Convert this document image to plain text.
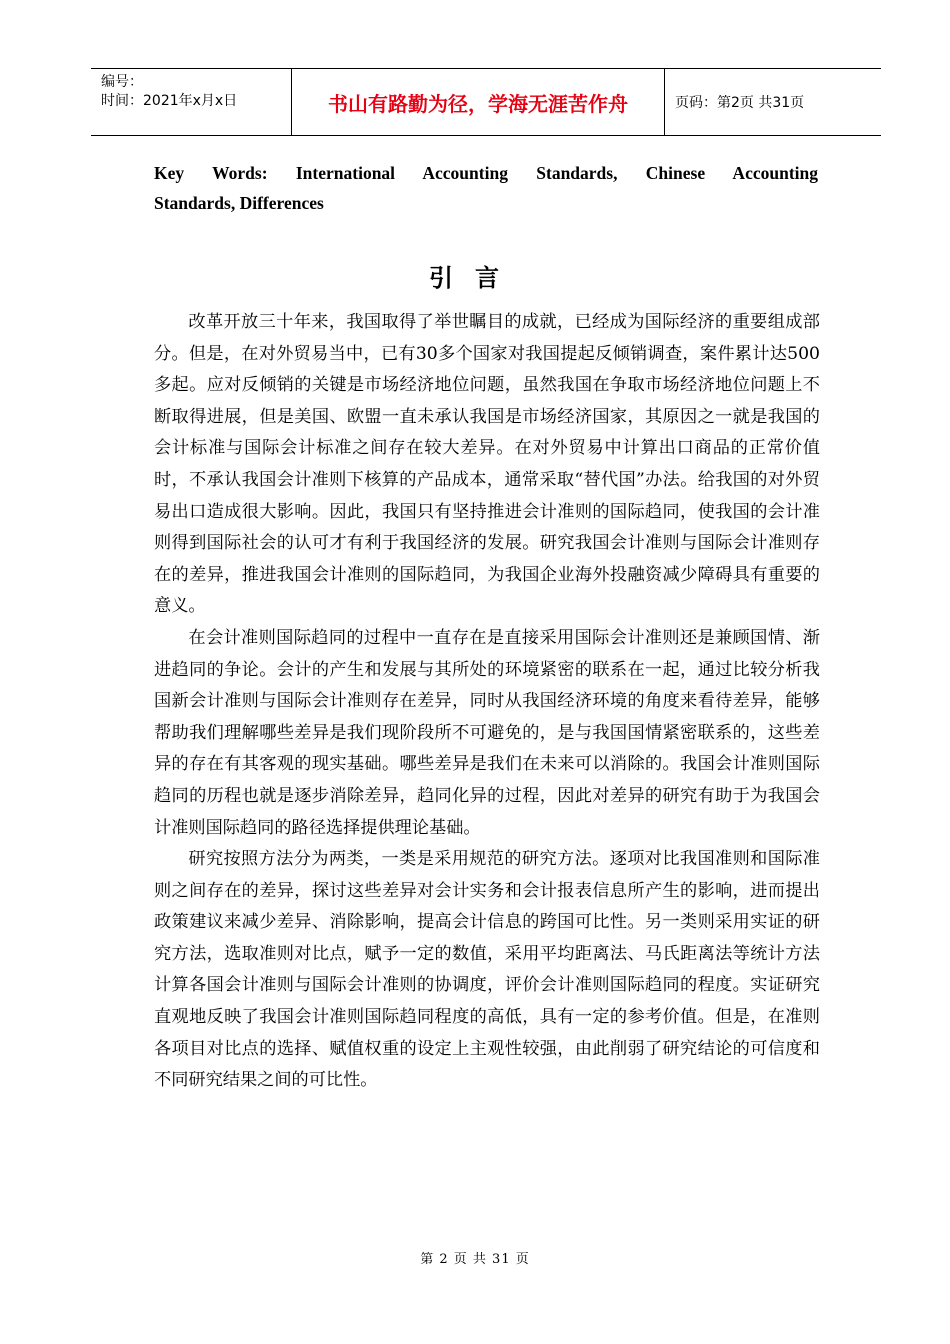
编号：
时间：2021年x月x日	书山有路勤为径，学海无涯苦作舟	页码：第2页 共31页
Key Words: International Accounting Standards, Chinese Accounting
Standards, Differences
引言

改革开放三十年来，我国取得了举世瞩目的成就，已经成为国际经济的重要组成部分。但是，在对外贸易当中，已有30多个国家对我国提起反倾销调查，案件累计达500多起。应对反倾销的关键是市场经济地位问题，虽然我国在争取市场经济地位问题上不断取得进展，但是美国、欧盟一直未承认我国是市场经济国家，其原因之一就是我国的会计标准与国际会计标准之间存在较大差异。在对外贸易中计算出口商品的正常价值时，不承认我国会计准则下核算的产品成本，通常采取“替代国”办法。给我国的对外贸易出口造成很大影响。因此，我国只有坚持推进会计准则的国际趋同，使我国的会计准则得到国际社会的认可才有利于我国经济的发展。研究我国会计准则与国际会计准则存在的差异，推进我国会计准则的国际趋同，为我国企业海外投融资减少障碍具有重要的意义。

在会计准则国际趋同的过程中一直存在是直接采用国际会计准则还是兼顾国情、渐进趋同的争论。会计的产生和发展与其所处的环境紧密的联系在一起，通过比较分析我国新会计准则与国际会计准则存在差异，同时从我国经济环境的角度来看待差异，能够帮助我们理解哪些差异是我们现阶段所不可避免的，是与我国国情紧密联系的，这些差异的存在有其客观的现实基础。哪些差异是我们在未来可以消除的。我国会计准则国际趋同的历程也就是逐步消除差异，趋同化异的过程，因此对差异的研究有助于为我国会计准则国际趋同的路径选择提供理论基础。

研究按照方法分为两类，一类是采用规范的研究方法。逐项对比我国准则和国际准则之间存在的差异，探讨这些差异对会计实务和会计报表信息所产生的影响，进而提出政策建议来减少差异、消除影响，提高会计信息的跨国可比性。另一类则采用实证的研究方法，选取准则对比点，赋予一定的数值，采用平均距离法、马氏距离法等统计方法计算各国会计准则与国际会计准则的协调度，评价会计准则国际趋同的程度。实证研究直观地反映了我国会计准则国际趋同程度的高低，具有一定的参考价值。但是，在准则各项目对比点的选择、赋值权重的设定上主观性较强，由此削弱了研究结论的可信度和不同研究结果之间的可比性。

第 2 页 共 31 页
